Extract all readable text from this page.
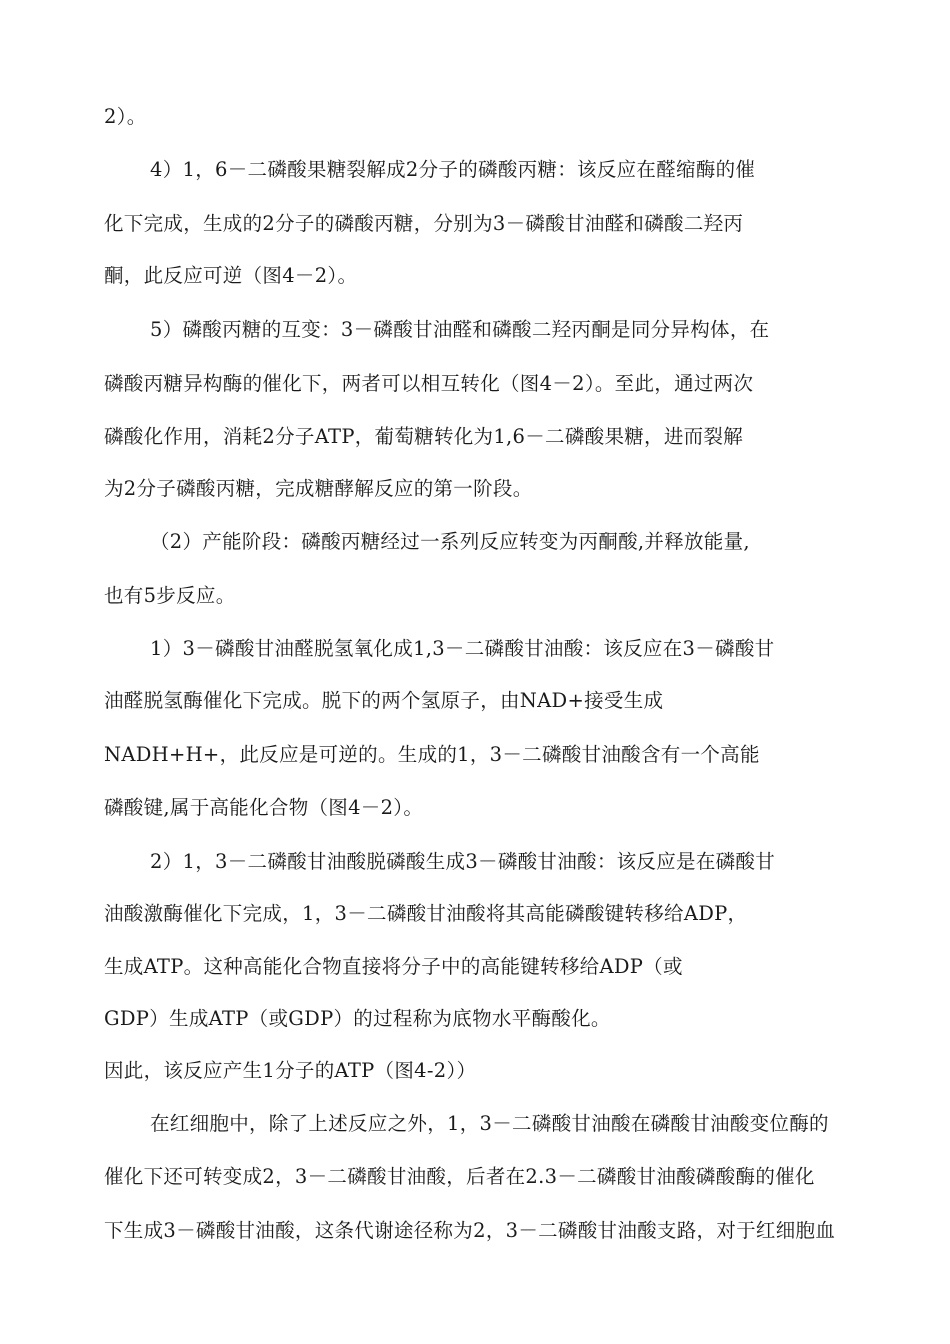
2）。
4）1，6－二磷酸果糖裂解成2分子的磷酸丙糖：该反应在醛缩酶的催
化下完成，生成的2分子的磷酸丙糖，分别为3－磷酸甘油醛和磷酸二羟丙
酮，此反应可逆（图4－2）。
5）磷酸丙糖的互变：3－磷酸甘油醛和磷酸二羟丙酮是同分异构体，在
磷酸丙糖异构酶的催化下，两者可以相互转化（图4－2）。至此，通过两次
磷酸化作用，消耗2分子ATP，葡萄糖转化为1,6－二磷酸果糖，进而裂解
为2分子磷酸丙糖，完成糖酵解反应的第一阶段。
（2）产能阶段：磷酸丙糖经过一系列反应转变为丙酮酸,并释放能量,
也有5步反应。
1）3－磷酸甘油醛脱氢氧化成1,3－二磷酸甘油酸：该反应在3－磷酸甘
油醛脱氢酶催化下完成。脱下的两个氢原子，由NAD+接受生成
NADH+H+，此反应是可逆的。生成的1，3－二磷酸甘油酸含有一个高能
磷酸键,属于高能化合物（图4－2）。
2）1，3－二磷酸甘油酸脱磷酸生成3－磷酸甘油酸：该反应是在磷酸甘
油酸激酶催化下完成，1，3－二磷酸甘油酸将其高能磷酸键转移给ADP，
生成ATP。这种高能化合物直接将分子中的高能键转移给ADP（或
GDP）生成ATP（或GDP）的过程称为底物水平酶酸化。
因此，该反应产生1分子的ATP（图4-2））
在红细胞中，除了上述反应之外，1，3－二磷酸甘油酸在磷酸甘油酸变位酶的
催化下还可转变成2，3－二磷酸甘油酸，后者在2.3－二磷酸甘油酸磷酸酶的催化
下生成3－磷酸甘油酸，这条代谢途径称为2，3－二磷酸甘油酸支路，对于红细胞血
